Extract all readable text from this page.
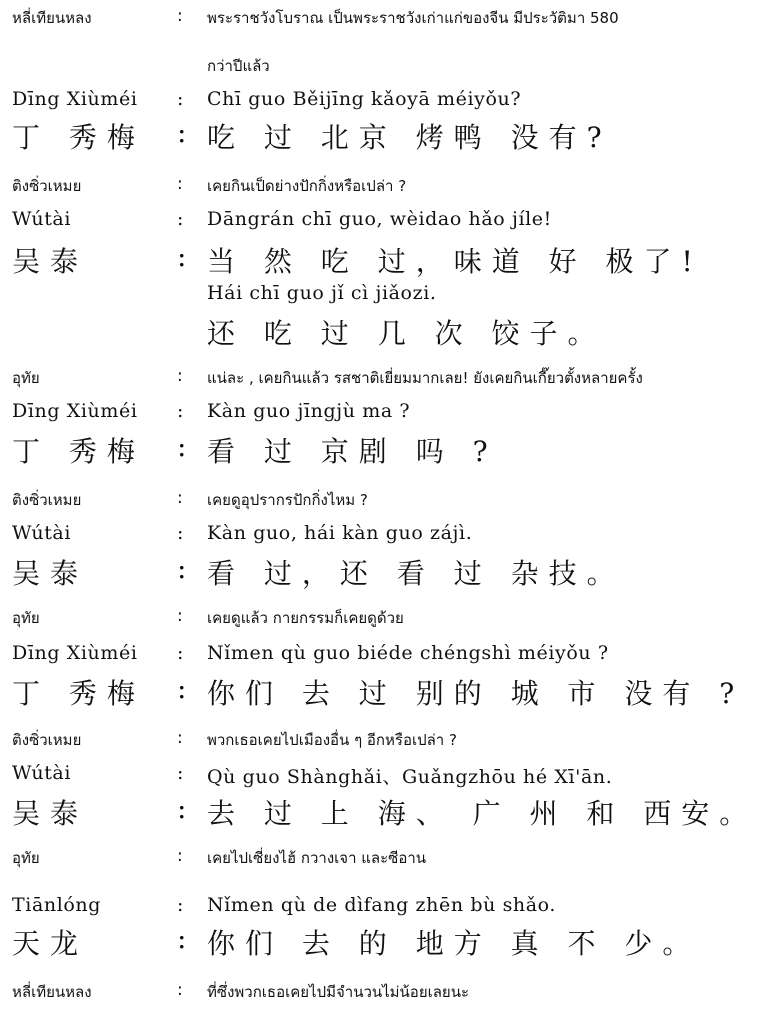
หลี่เทียนหลง	: พระราชวังโบราณ เป็นพระราชวังเก่าแก่ของจีน มีประวัติมา 580
กว่าปีแล้ว
Dīng Xiùméi : Chī guo Běijīng kǎoyā méiyǒu?
丁 秀梅 : 吃 过 北京 烤鸭 没有?
ติงซิ่วเหมย	: เคยกินเป็ดย่างปักกิ่งหรือเปล่า ?
Wútài	: Dāngrán chī guo, wèidao hǎo jíle!
吴泰	: 当 然 吃 过，味道 好 极了!
Hái chī guo jǐ cì jiǎozi.
还 吃 过 几 次 饺子。
อุทัย	: แน่ละ , เคยกินแล้ว รสชาติเยี่ยมมากเลย! ยังเคยกินเกี๊ยวตั้งหลายครั้ง
Dīng Xiùméi : Kàn guo jīngjù ma ?
丁 秀梅 : 看 过 京剧 吗 ?
ติงซิ่วเหมย	: เคยดูอุปรากรปักกิ่งไหม ?
Wútài	: Kàn guo, hái kàn guo zájì.
吴泰	: 看 过，还 看 过 杂技。
อุทัย	: เคยดูแล้ว กายกรรมก็เคยดูด้วย
Dīng Xiùméi : Nǐmen qù guo biéde chéngshì méiyǒu ?
丁 秀梅 : 你们 去 过 别的 城 市 没有 ?
ติงซิ่วเหมย	: พวกเธอเคยไปเมืองอื่น ๆ อีกหรือเปล่า ?
Wútài	: Qù guo Shànghǎi、Guǎngzhōu hé Xī'ān.
吴泰	: 去 过 上 海、 广 州 和 西安。
อุทัย	: เคยไปเซี่ยงไฮ้ กวางเจา และซีอาน
Tiānlóng	: Nǐmen qù de dìfang zhēn bù shǎo.
天龙	: 你们 去 的 地方 真 不 少。
หลี่เทียนหลง	: ที่ซึ่งพวกเธอเคยไปมีจำนวนไม่น้อยเลยนะ
